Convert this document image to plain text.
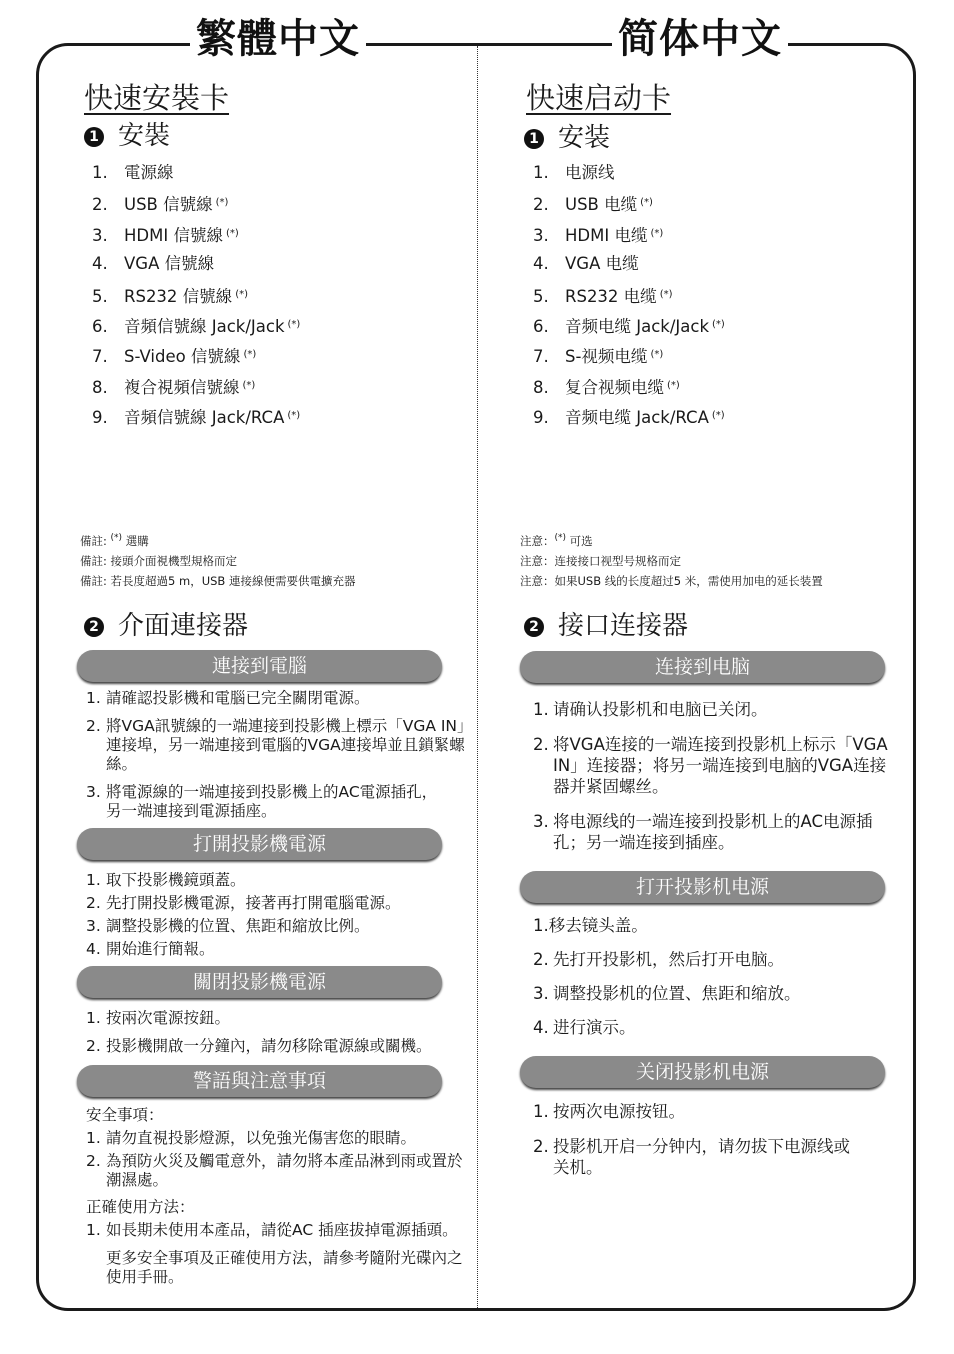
繁體中文	简体中文
快速安裝卡
1 安裝
1. 電源線
2. USB 信號線 (*)
3. HDMI 信號線 (*)
4. VGA 信號線
5. RS232 信號線 (*)
6. 音頻信號線 Jack/Jack (*)
7. S-Video 信號線 (*)
8. 複合視頻信號線 (*)
9. 音頻信號線 Jack/RCA (*)
備註: (*) 選購
備註: 接頭介面視機型規格而定
備註: 若長度超過5 m，USB 連接線便需要供電擴充器
2 介面連接器
連接到電腦
1. 請確認投影機和電腦已完全關閉電源。
2. 將VGA訊號線的一端連接到投影機上標示「VGA IN」連接埠，另一端連接到電腦的VGA連接埠並且鎖緊螺絲。
3. 將電源線的一端連接到投影機上的AC電源插孔，另一端連接到電源插座。
打開投影機電源
1. 取下投影機鏡頭蓋。
2. 先打開投影機電源，接著再打開電腦電源。
3. 調整投影機的位置、焦距和縮放比例。
4. 開始進行簡報。
關閉投影機電源
1. 按兩次電源按鈕。
2. 投影機開啟一分鐘內，請勿移除電源線或關機。
警語與注意事項
安全事項：
1. 請勿直視投影燈源，以免強光傷害您的眼睛。
2. 為預防火災及觸電意外，請勿將本產品淋到雨或置於潮濕處。
正確使用方法：
1. 如長期未使用本產品，請從AC 插座拔掉電源插頭。
更多安全事項及正確使用方法，請參考隨附光碟內之使用手冊。
快速启动卡
1 安装
1. 电源线
2. USB 电缆 (*)
3. HDMI 电缆 (*)
4. VGA 电缆
5. RS232 电缆 (*)
6. 音频电缆 Jack/Jack (*)
7. S-视频电缆 (*)
8. 复合视频电缆 (*)
9. 音频电缆 Jack/RCA (*)
注意：(*) 可选
注意：连接接口视型号规格而定
注意：如果USB 线的长度超过5 米，需使用加电的延长装置
2 接口连接器
连接到电脑
1. 请确认投影机和电脑已关闭。
2. 将VGA连接的一端连接到投影机上标示「VGA IN」连接器；将另一端连接到电脑的VGA连接器并紧固螺丝。
3. 将电源线的一端连接到投影机上的AC电源插孔；另一端连接到插座。
打开投影机电源
1.移去镜头盖。
2. 先打开投影机，然后打开电脑。
3. 调整投影机的位置、焦距和缩放。
4. 进行演示。
关闭投影机电源
1. 按两次电源按钮。
2. 投影机开启一分钟内，请勿拔下电源线或关机。
